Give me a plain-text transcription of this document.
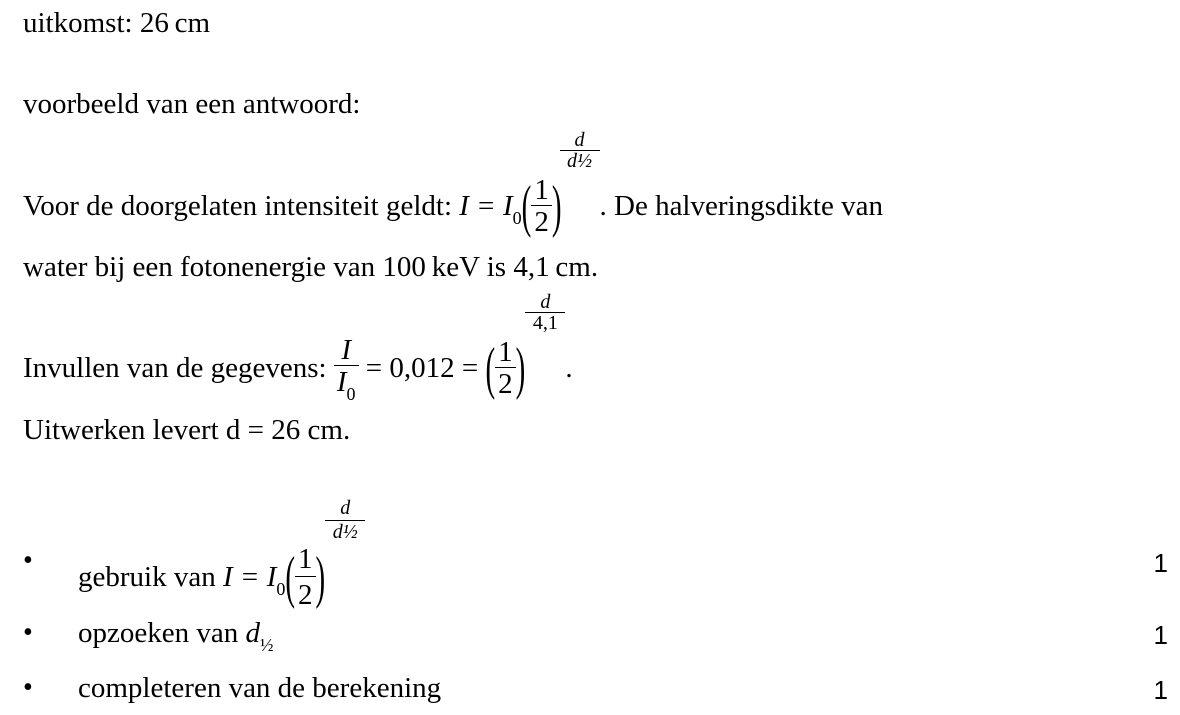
uitkomst: 26 cm
voorbeeld van een antwoord:
Voor de doorgelaten intensiteit geldt: $I = I_0( \frac{1}{2}$ )
$\frac{d}{\text{d½}}$
. De halveringsdikte van
water bij een fotonenergie van 100 keV is 4,1 cm.
Invullen van de gegevens: $\frac{I}{I_0} = 0,012$ = ( $\frac{1}{2}$ )
$\frac{d}{4,1}$
.
Uitwerken levert d = 26 cm.
•
gebruik van $I = I_0( \frac{1}{2}$ )
$\frac{d}{\text{d½}}$
1
• opzoeken van $d_{\frac{1}{2}}$	1
• completeren van de berekening	1
